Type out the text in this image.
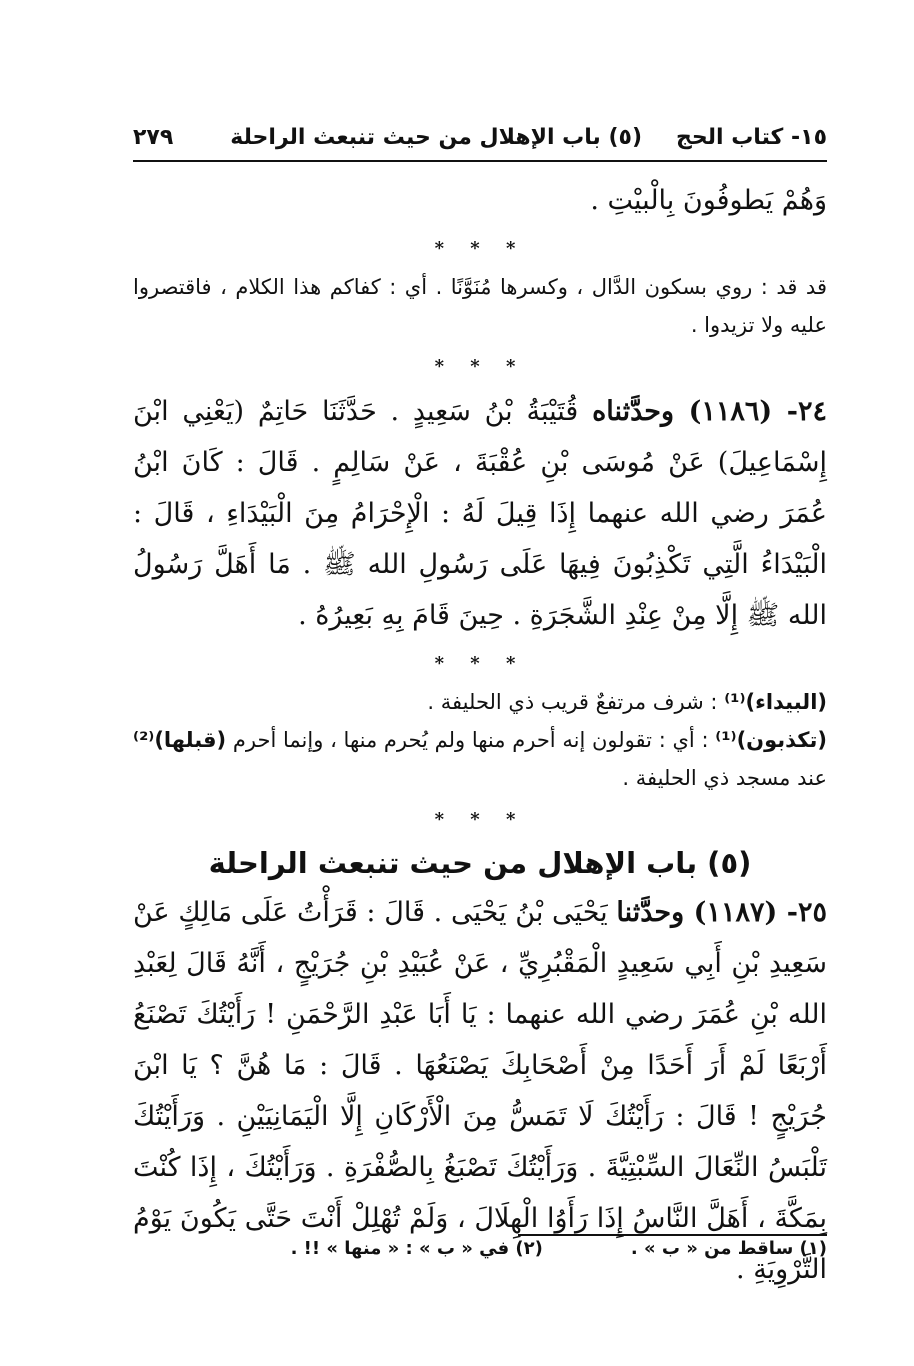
١٥- كتاب الحج
(٥) باب الإهلال من حيث تنبعث الراحلة
٢٧٩

وَهُمْ يَطوفُونَ بِالْبيْتِ .

* * *

قد قد : روي بسكون الدَّال ، وكسرها مُنَوَّنًا . أي : كفاكم هذا الكلام ، فاقتصروا عليه ولا تزيدوا .

* * *

٢٤- (١١٨٦) وحدَّثناه قُتَيْبَةُ بْنُ سَعِيدٍ . حَدَّثَنَا حَاتِمٌ (يَعْنِي ابْنَ إِسْمَاعِيلَ) عَنْ مُوسَى بْنِ عُقْبَةَ ، عَنْ سَالِمٍ . قَالَ : كَانَ ابْنُ عُمَرَ رضي الله عنهما إِذَا قِيلَ لَهُ : الْإِحْرَامُ مِنَ الْبَيْدَاءِ ، قَالَ : الْبَيْدَاءُ الَّتِي تَكْذِبُونَ فِيهَا عَلَى رَسُولِ الله ﷺ . مَا أَهَلَّ رَسُولُ الله ﷺ إِلَّا مِنْ عِنْدِ الشَّجَرَةِ . حِينَ قَامَ بِهِ بَعِيرُهُ .

* * *

(البيداء)⁽¹⁾ : شرف مرتفعٌ قريب ذي الحليفة .

(تكذبون)⁽¹⁾ : أي : تقولون إنه أحرم منها ولم يُحرم منها ، وإنما أحرم (قبلها)⁽²⁾ عند مسجد ذي الحليفة .

* * *
(٥) باب الإهلال من حيث تنبعث الراحلة

٢٥- (١١٨٧) وحدَّثنا يَحْيَى بْنُ يَحْيَى . قَالَ : قَرَأْتُ عَلَى مَالِكٍ عَنْ سَعِيدِ بْنِ أَبِي سَعِيدٍ الْمَقْبُرِيِّ ، عَنْ عُبَيْدِ بْنِ جُرَيْجٍ ، أَنَّهُ قَالَ لِعَبْدِ الله بْنِ عُمَرَ رضي الله عنهما : يَا أَبَا عَبْدِ الرَّحْمَنِ ! رَأَيْتُكَ تَصْنَعُ أَرْبَعًا لَمْ أَرَ أَحَدًا مِنْ أَصْحَابِكَ يَصْنَعُهَا . قَالَ : مَا هُنَّ ؟ يَا ابْنَ جُرَيْجٍ ! قَالَ : رَأَيْتُكَ لَا تَمَسُّ مِنَ الْأَرْكَانِ إِلَّا الْيَمَانِيَيْنِ . وَرَأَيْتُكَ تَلْبَسُ النِّعَالَ السِّبْتِيَّةَ . وَرَأَيْتُكَ تَصْبَغُ بِالصُّفْرَةِ . وَرَأَيْتُكَ ، إِذَا كُنْتَ بِمَكَّةَ ، أَهَلَّ النَّاسُ إِذَا رَأَوُا الْهِلَالَ ، وَلَمْ تُهْلِلْ أَنْتَ حَتَّى يَكُونَ يَوْمُ التَّرْوِيَةِ .

(١) ساقط من « ب » .
(٢) في « ب » : « منها » !! .
